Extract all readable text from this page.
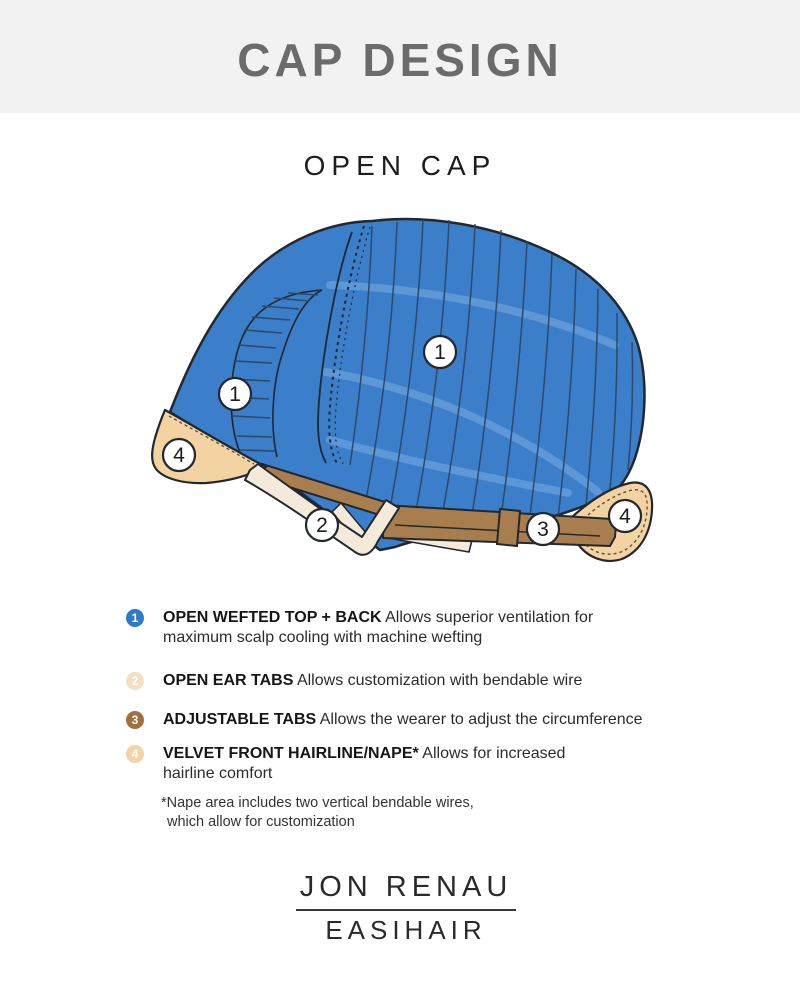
CAP DESIGN
OPEN CAP
1
1
4
2	3
4
1	OPEN WEFTED TOP + BACK Allows superior ventilation for maximum scalp cooling with machine wefting
2	OPEN EAR TABS Allows customization with bendable wire
3	ADJUSTABLE TABS Allows the wearer to adjust the circumference
4	VELVET FRONT HAIRLINE/NAPE* Allows for increased hairline comfort
*Nape area includes two vertical bendable wires,
which allow for customization
JON RENAU
EASIHAIR
